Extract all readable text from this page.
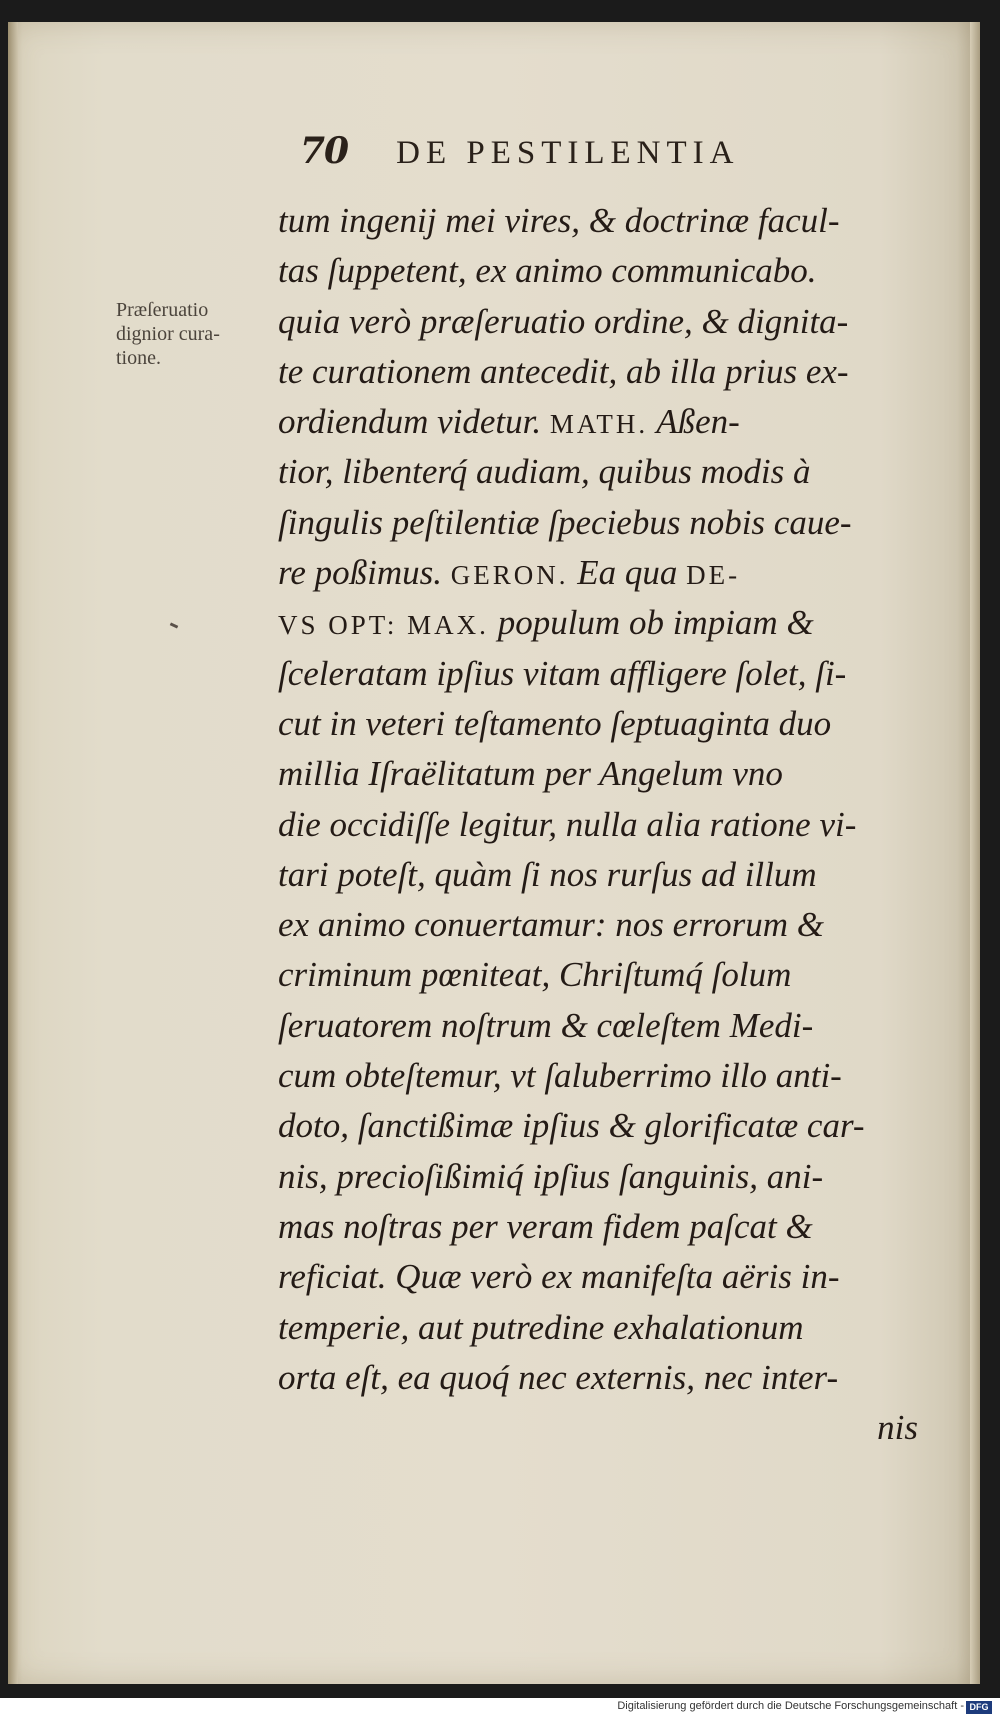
70 DE PESTILENTIA
Præſeruatio
dignior cura-
tione.
tum ingenij mei vires, & doctrinæ facul-
tas ſuppetent, ex animo communicabo.
quia verò præſeruatio ordine, & dignita-
te curationem antecedit, ab illa prius ex-
ordiendum videtur. MATH. Aßen-
tior, libenterq́ audiam, quibus modis à
ſingulis peſtilentiæ ſpeciebus nobis caue-
re poßimus. GERON. Ea qua DE-
VS OPT: MAX. populum ob impiam &
ſceleratam ipſius vitam affligere ſolet, ſi-
cut in veteri teſtamento ſeptuaginta duo
millia Iſraëlitatum per Angelum vno
die occidiſſe legitur, nulla alia ratione vi-
tari poteſt, quàm ſi nos rurſus ad illum
ex animo conuertamur: nos errorum &
criminum pœniteat, Chriſtumq́ ſolum
ſeruatorem noſtrum & cœleſtem Medi-
cum obteſtemur, vt ſaluberrimo illo anti-
doto, ſanctißimæ ipſius & glorificatæ car-
nis, precioſißimiq́ ipſius ſanguinis, ani-
mas noſtras per veram fidem paſcat &
reficiat. Quæ verò ex manifeſta aëris in-
temperie, aut putredine exhalationum
orta eſt, ea quoq́ nec externis, nec inter-
nis
Digitalisierung gefördert durch die Deutsche Forschungsgemeinschaft - DFG
